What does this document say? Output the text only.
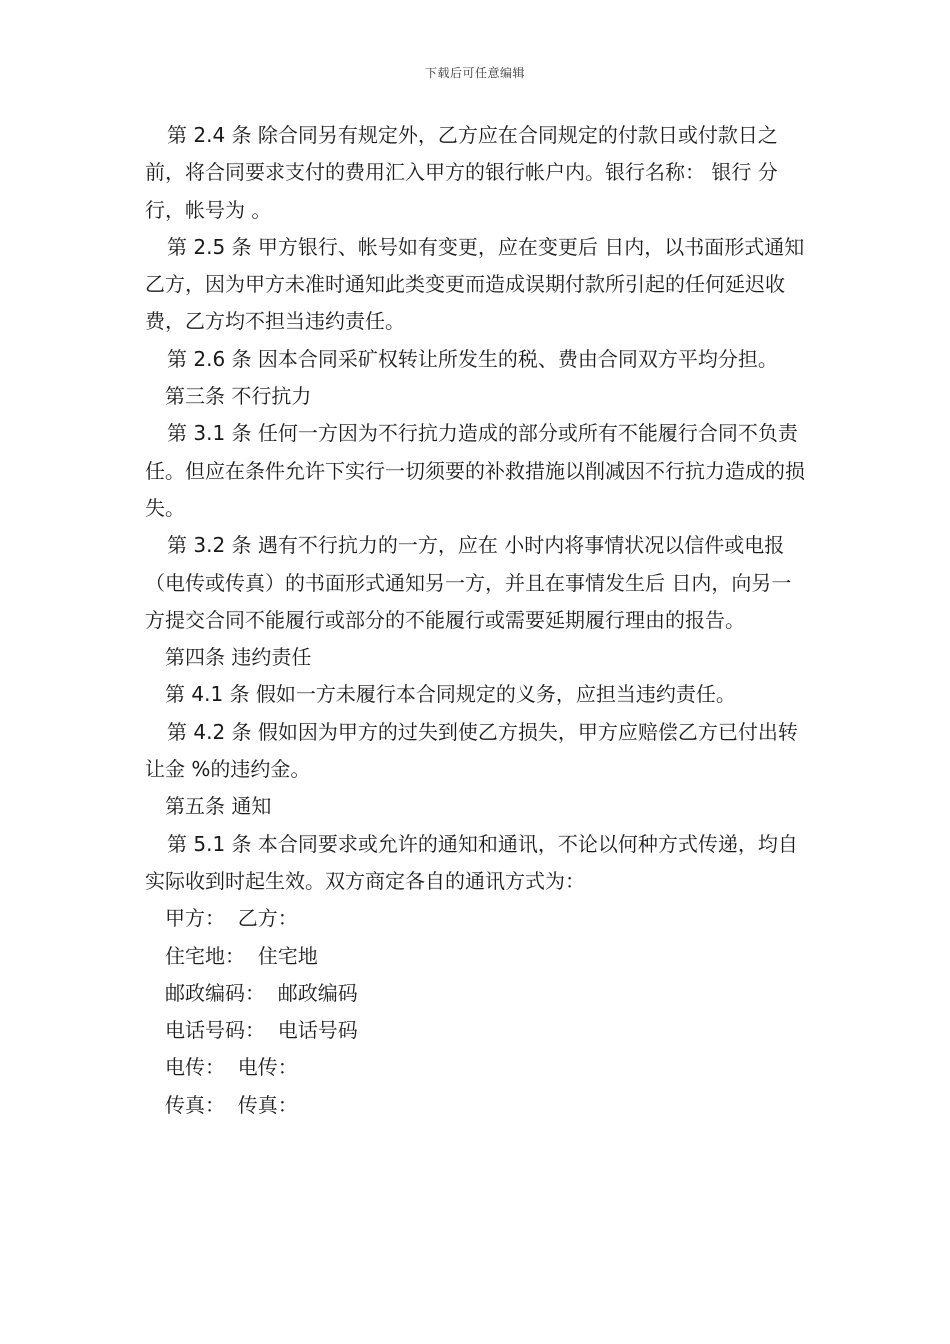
下载后可任意编辑

第 2.4 条 除合同另有规定外，乙方应在合同规定的付款日或付款日之前，将合同要求支付的费用汇入甲方的银行帐户内。银行名称： 银行 分行，帐号为 。

第 2.5 条 甲方银行、帐号如有变更，应在变更后 日内，以书面形式通知乙方，因为甲方未准时通知此类变更而造成误期付款所引起的任何延迟收费，乙方均不担当违约责任。

第 2.6 条 因本合同采矿权转让所发生的税、费由合同双方平均分担。

第三条 不行抗力

第 3.1 条 任何一方因为不行抗力造成的部分或所有不能履行合同不负责任。但应在条件允许下实行一切须要的补救措施以削减因不行抗力造成的损失。

第 3.2 条 遇有不行抗力的一方，应在 小时内将事情状况以信件或电报（电传或传真）的书面形式通知另一方，并且在事情发生后 日内，向另一方提交合同不能履行或部分的不能履行或需要延期履行理由的报告。

第四条 违约责任

第 4.1 条 假如一方未履行本合同规定的义务，应担当违约责任。

第 4.2 条 假如因为甲方的过失到使乙方损失，甲方应赔偿乙方已付出转让金 %的违约金。

第五条 通知

第 5.1 条 本合同要求或允许的通知和通讯，不论以何种方式传递，均自实际收到时起生效。双方商定各自的通讯方式为：

甲方：  乙方：

住宅地：  住宅地

邮政编码：  邮政编码

电话号码：  电话号码

电传：  电传：

传真：  传真：
